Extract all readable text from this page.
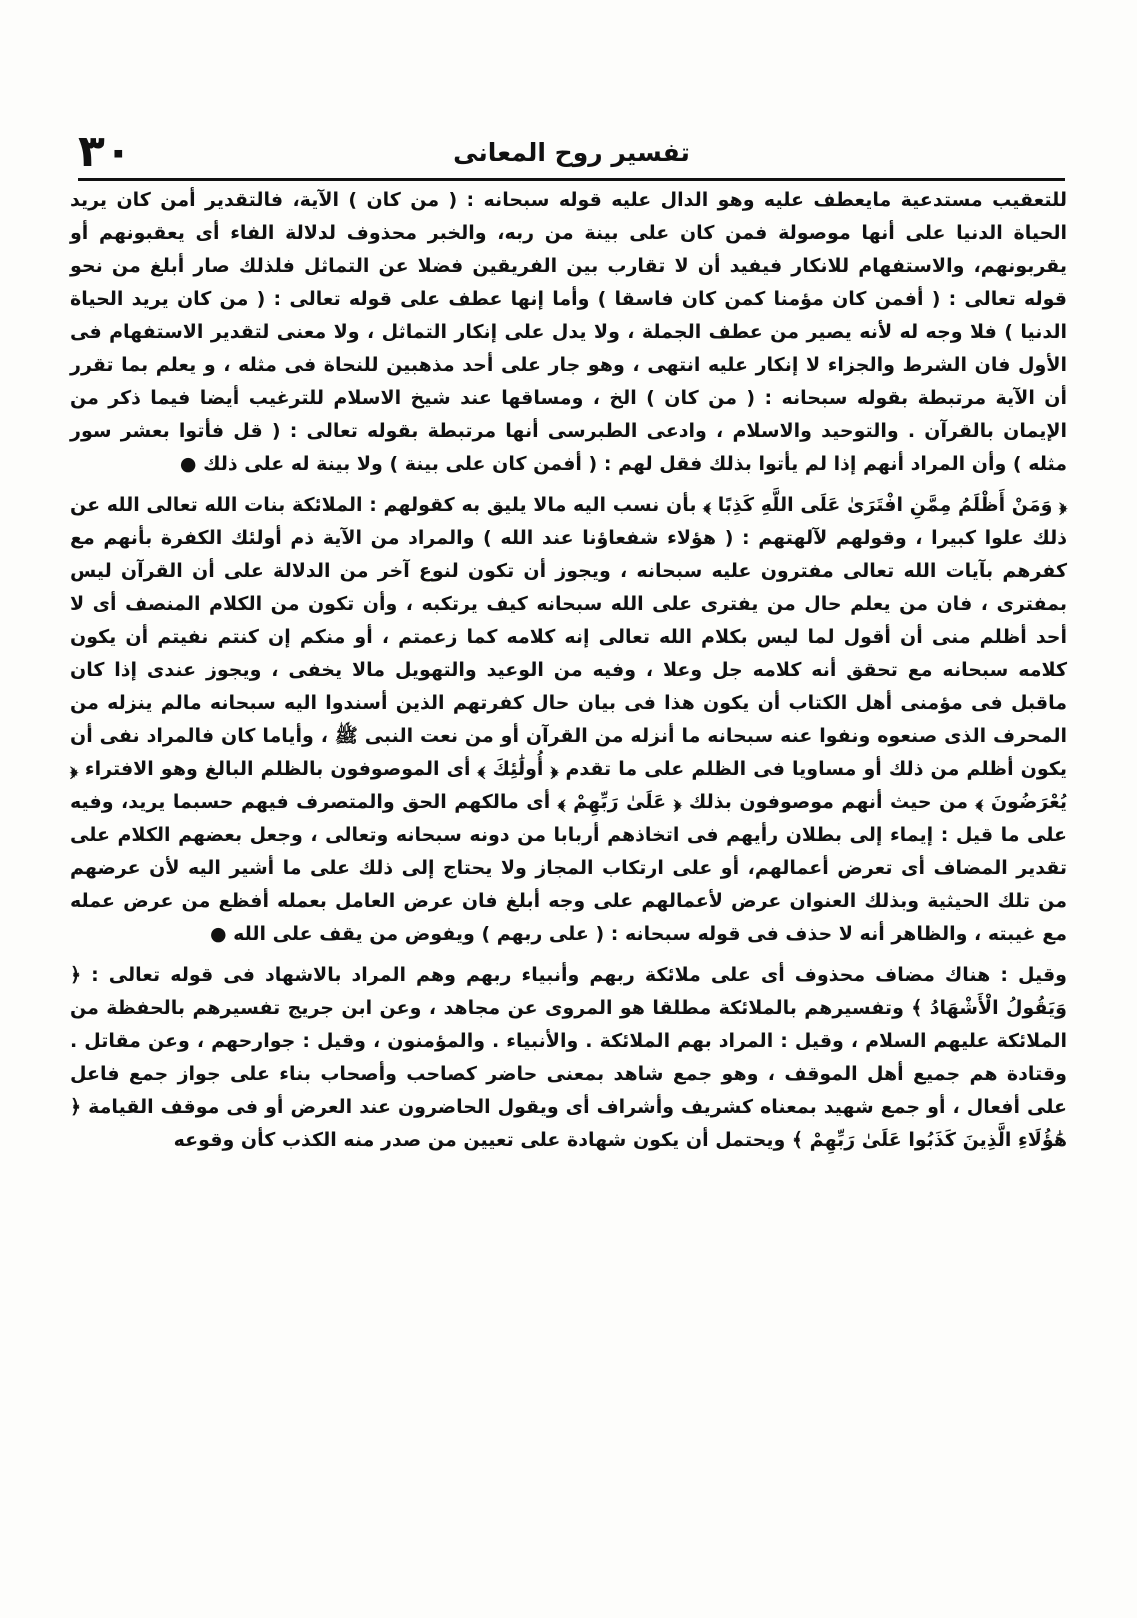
٣٠	تفسير روح المعانى

للتعقيب مستدعية مايعطف عليه وهو الدال عليه قوله سبحانه : ( من كان ) الآية، فالتقدير أمن كان يريد الحياة الدنيا على أنها موصولة فمن كان على بينة من ربه، والخبر محذوف لدلالة الفاء أى يعقبونهم أو يقربونهم، والاستفهام للانكار فيفيد أن لا تقارب بين الفريقين فضلا عن التماثل فلذلك صار أبلغ من نحو قوله تعالى : ( أفمن كان مؤمنا كمن كان فاسقا ) وأما إنها عطف على قوله تعالى : ( من كان يريد الحياة الدنيا ) فلا وجه له لأنه يصير من عطف الجملة ، ولا يدل على إنكار التماثل ، ولا معنى لتقدير الاستفهام فى الأول فان الشرط والجزاء لا إنكار عليه انتهى ، وهو جار على أحد مذهبين للنحاة فى مثله ، و يعلم بما تقرر أن الآية مرتبطة بقوله سبحانه : ( من كان ) الخ ، ومساقها عند شيخ الاسلام للترغيب أيضا فيما ذكر من الإيمان بالقرآن . والتوحيد والاسلام ، وادعى الطبرسى أنها مرتبطة بقوله تعالى : ( قل فأتوا بعشر سور مثله ) وأن المراد أنهم إذا لم يأتوا بذلك فقل لهم : ( أفمن كان على بينة ) ولا بينة له على ذلك ●

﴿ وَمَنْ أَظْلَمُ مِمَّنِ افْتَرَىٰ عَلَى اللَّهِ كَذِبًا ﴾ بأن نسب اليه مالا يليق به كقولهم : الملائكة بنات الله تعالى الله عن ذلك علوا كبيرا ، وقولهم لآلهتهم : ( هؤلاء شفعاؤنا عند الله ) والمراد من الآية ذم أولئك الكفرة بأنهم مع كفرهم بآيات الله تعالى مفترون عليه سبحانه ، ويجوز أن تكون لنوع آخر من الدلالة على أن القرآن ليس بمفترى ، فان من يعلم حال من يفترى على الله سبحانه كيف يرتكبه ، وأن تكون من الكلام المنصف أى لا أحد أظلم منى أن أقول لما ليس بكلام الله تعالى إنه كلامه كما زعمتم ، أو منكم إن كنتم نفيتم أن يكون كلامه سبحانه مع تحقق أنه كلامه جل وعلا ، وفيه من الوعيد والتهويل مالا يخفى ، ويجوز عندى إذا كان ماقبل فى مؤمنى أهل الكتاب أن يكون هذا فى بيان حال كفرتهم الذين أسندوا اليه سبحانه مالم ينزله من المحرف الذى صنعوه ونفوا عنه سبحانه ما أنزله من القرآن أو من نعت النبى ﷺ ، وأياما كان فالمراد نفى أن يكون أظلم من ذلك أو مساويا فى الظلم على ما تقدم ﴿ أُولَٰئِكَ ﴾ أى الموصوفون بالظلم البالغ وهو الافتراء ﴿ يُعْرَضُونَ ﴾ من حيث أنهم موصوفون بذلك ﴿ عَلَىٰ رَبِّهِمْ ﴾ أى مالكهم الحق والمتصرف فيهم حسبما يريد، وفيه على ما قيل : إيماء إلى بطلان رأيهم فى اتخاذهم أربابا من دونه سبحانه وتعالى ، وجعل بعضهم الكلام على تقدير المضاف أى تعرض أعمالهم، أو على ارتكاب المجاز ولا يحتاج إلى ذلك على ما أشير اليه لأن عرضهم من تلك الحيثية وبذلك العنوان عرض لأعمالهم على وجه أبلغ فان عرض العامل بعمله أفظع من عرض عمله مع غيبته ، والظاهر أنه لا حذف فى قوله سبحانه : ( على ربهم ) ويفوض من يقف على الله ●

وقيل : هناك مضاف محذوف أى على ملائكة ربهم وأنبياء ربهم وهم المراد بالاشهاد فى قوله تعالى : ﴿ وَيَقُولُ الْأَشْهَادُ ﴾ وتفسيرهم بالملائكة مطلقا هو المروى عن مجاهد ، وعن ابن جريج تفسيرهم بالحفظة من الملائكة عليهم السلام ، وقيل : المراد بهم الملائكة . والأنبياء . والمؤمنون ، وقيل : جوارحهم ، وعن مقاتل . وقتادة هم جميع أهل الموقف ، وهو جمع شاهد بمعنى حاضر كصاحب وأصحاب بناء على جواز جمع فاعل على أفعال ، أو جمع شهيد بمعناه كشريف وأشراف أى ويقول الحاضرون عند العرض أو فى موقف القيامة ﴿ هَٰؤُلَاءِ الَّذِينَ كَذَبُوا عَلَىٰ رَبِّهِمْ ﴾ ويحتمل أن يكون شهادة على تعيين من صدر منه الكذب كأن وقوعه
